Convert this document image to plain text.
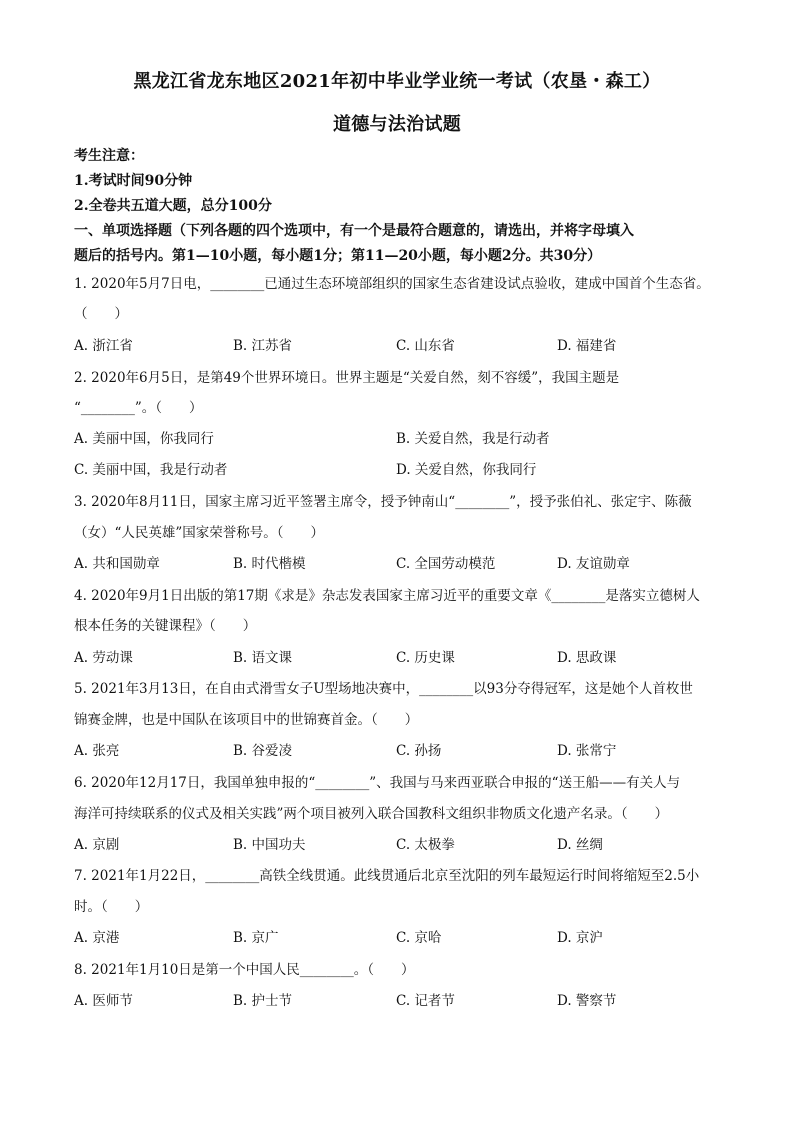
黑龙江省龙东地区2021年初中毕业学业统一考试（农垦・森工）
道德与法治试题
考生注意：
1.考试时间90分钟
2.全卷共五道大题，总分100分
一、单项选择题（下列各题的四个选项中，有一个是最符合题意的，请选出，并将字母填入
题后的括号内。第1—10小题，每小题1分；第11—20小题，每小题2分。共30分）
1. 2020年5月7日电，________已通过生态环境部组织的国家生态省建设试点验收，建成中国首个生态省。
（　　）
A. 浙江省	B. 江苏省	C. 山东省	D. 福建省
2. 2020年6月5日，是第49个世界环境日。世界主题是“关爱自然，刻不容缓”，我国主题是
“________”。（　　）
A. 美丽中国，你我同行	B. 关爱自然，我是行动者
C. 美丽中国，我是行动者	D. 关爱自然，你我同行
3. 2020年8月11日，国家主席习近平签署主席令，授予钟南山“________”，授予张伯礼、张定宇、陈薇
（女）“人民英雄”国家荣誉称号。（　　）
A. 共和国勋章	B. 时代楷模	C. 全国劳动模范	D. 友谊勋章
4. 2020年9月1日出版的第17期《求是》杂志发表国家主席习近平的重要文章《________是落实立德树人
根本任务的关键课程》（　　）
A. 劳动课	B. 语文课	C. 历史课	D. 思政课
5. 2021年3月13日，在自由式滑雪女子U型场地决赛中，________以93分夺得冠军，这是她个人首枚世
锦赛金牌，也是中国队在该项目中的世锦赛首金。（　　）
A. 张亮	B. 谷爱凌	C. 孙扬	D. 张常宁
6. 2020年12月17日，我国单独申报的“________”、我国与马来西亚联合申报的“送王船——有关人与
海洋可持续联系的仪式及相关实践”两个项目被列入联合国教科文组织非物质文化遗产名录。（　　）
A. 京剧	B. 中国功夫	C. 太极拳	D. 丝绸
7. 2021年1月22日，________高铁全线贯通。此线贯通后北京至沈阳的列车最短运行时间将缩短至2.5小
时。（　　）
A. 京港	B. 京广	C. 京哈	D. 京沪
8. 2021年1月10日是第一个中国人民________。（　　）
A. 医师节	B. 护士节	C. 记者节	D. 警察节
